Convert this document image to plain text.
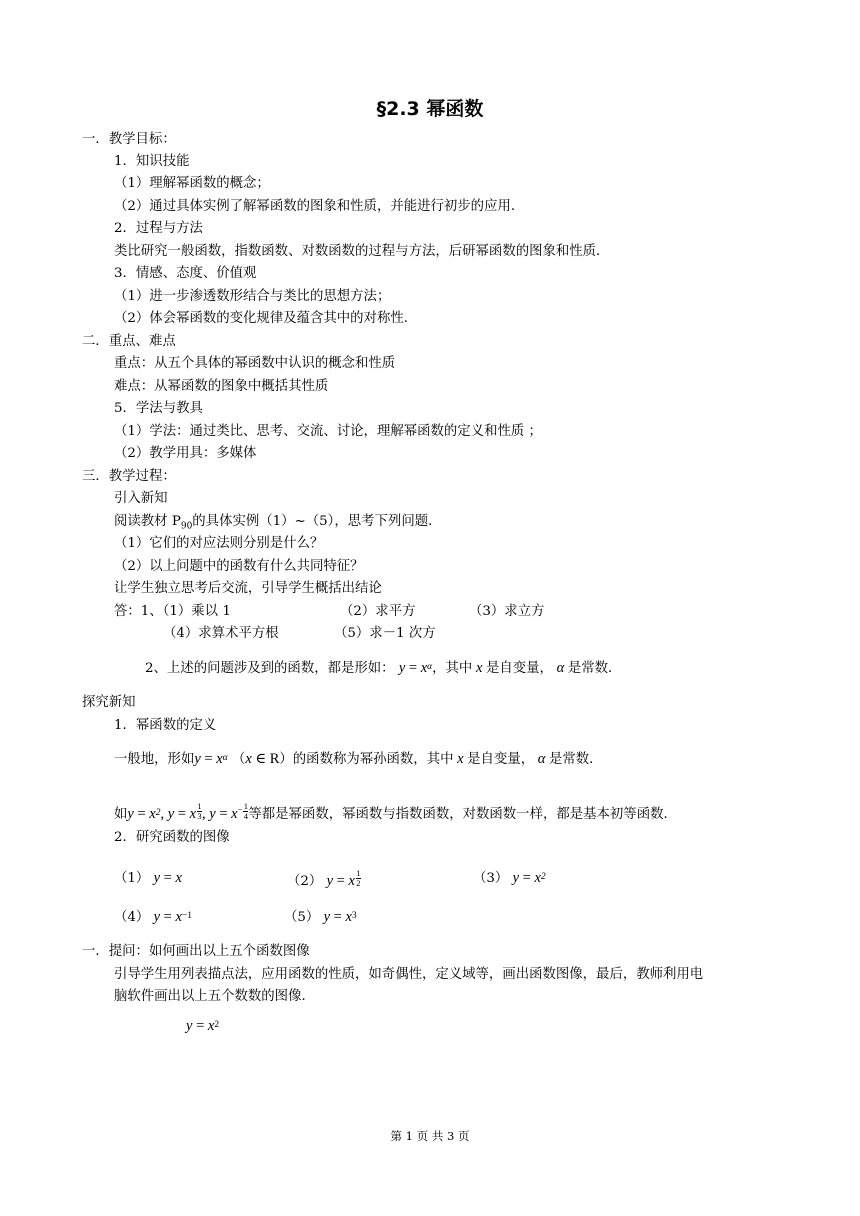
§2.3 幂函数
一．教学目标：
1．知识技能
（1）理解幂函数的概念；
（2）通过具体实例了解幂函数的图象和性质，并能进行初步的应用．
2．过程与方法
类比研究一般函数，指数函数、对数函数的过程与方法，后研幂函数的图象和性质．
3．情感、态度、价值观
（1）进一步渗透数形结合与类比的思想方法；
（2）体会幂函数的变化规律及蕴含其中的对称性．
二．重点、难点
重点：从五个具体的幂函数中认识的概念和性质
难点：从幂函数的图象中概括其性质
5．学法与教具
（1）学法：通过类比、思考、交流、讨论，理解幂函数的定义和性质 ；
（2）教学用具：多媒体
三．教学过程：
引入新知
阅读教材 $P_{90}$的具体实例（1）~（5），思考下列问题．
（1）它们的对应法则分别是什么？
（2）以上问题中的函数有什么共同特征？
让学生独立思考后交流，引导学生概括出结论
答：1、（1）乘以 1	（2）求平方	（3）求立方
（4）求算术平方根	（5）求－1 次方
2、上述的问题涉及到的函数，都是形如： $y = x^\alpha$，其中 x 是自变量， α 是常数．
探究新知
1．幂函数的定义
一般地，形如$y = x^\alpha$ （x ∈ R）的函数称为幂孙函数，其中 x 是自变量， α 是常数．
如$y = x^2$, y = x $\frac{1}{3}$ , $y = x^- \frac{1}{4}$ 等都是幂函数，幂函数与指数函数，对数函数一样，都是基本初等函数．
2．研究函数的图像
（1） y = x	（2） y = x $\frac{1}{2}$	（3） $y = x^2$
（4） $y = x^{-1}$	（5） $y = x^3$
一．提问：如何画出以上五个函数图像
引导学生用列表描点法，应用函数的性质，如奇偶性，定义域等，画出函数图像，最后，教师利用电
脑软件画出以上五个数数的图像．
$y = x^2$
第 1 页 共 3 页
